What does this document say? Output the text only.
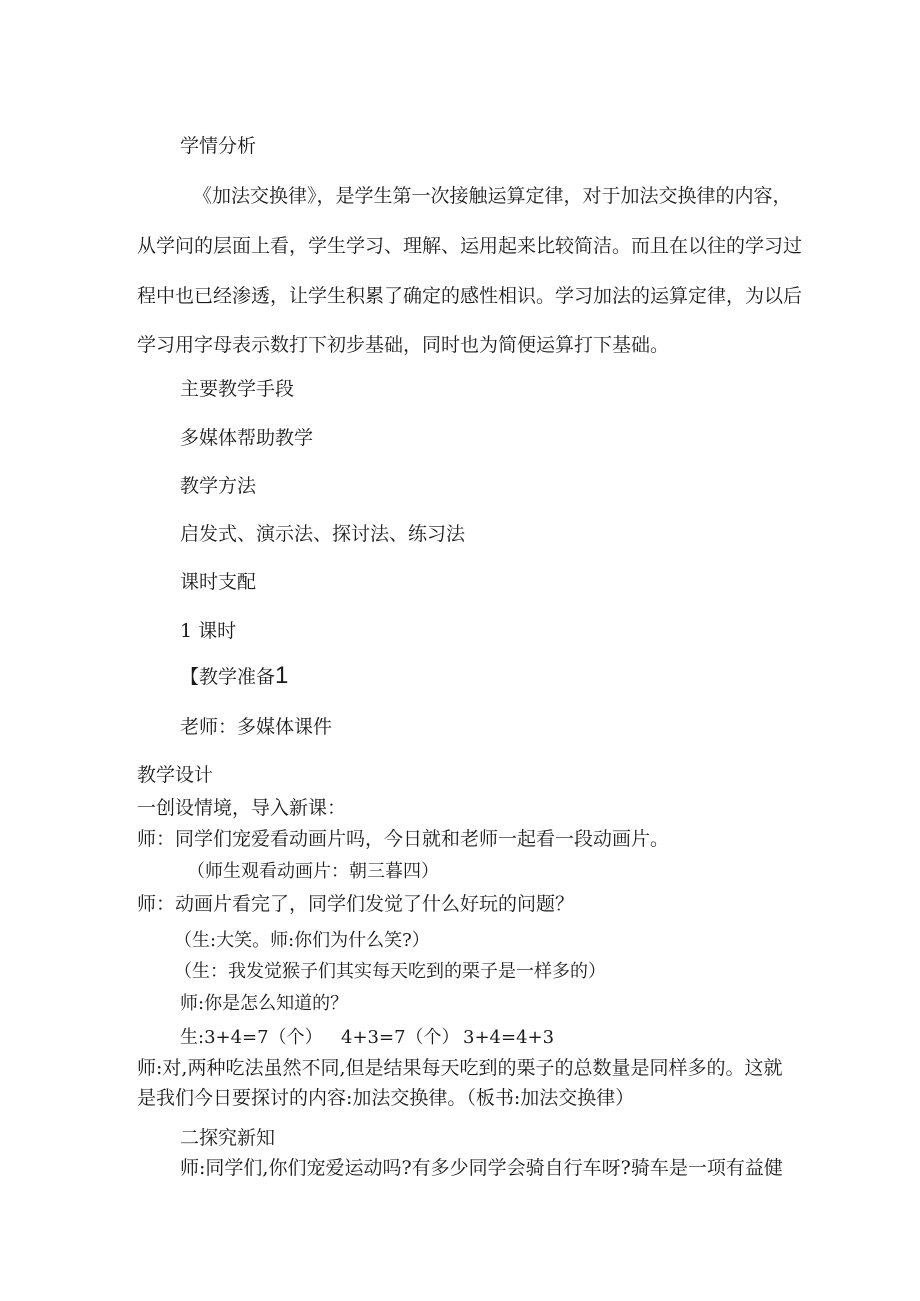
学情分析
《加法交换律》，是学生第一次接触运算定律，对于加法交换律的内容，
从学问的层面上看，学生学习、理解、运用起来比较简洁。而且在以往的学习过
程中也已经渗透，让学生积累了确定的感性相识。学习加法的运算定律，为以后
学习用字母表示数打下初步基础，同时也为简便运算打下基础。
主要教学手段
多媒体帮助教学
教学方法
启发式、演示法、探讨法、练习法
课时支配
1 课时
【教学准备1
老师：多媒体课件
教学设计
一创设情境，导入新课：
师：同学们宠爱看动画片吗，今日就和老师一起看一段动画片。
（师生观看动画片：朝三暮四）
师：动画片看完了，同学们发觉了什么好玩的问题？
（生:大笑。师:你们为什么笑?）
（生：我发觉猴子们其实每天吃到的栗子是一样多的）
师:你是怎么知道的？
生:3+4=7（个） 4+3=7（个） 3+4=4+3
师:对,两种吃法虽然不同,但是结果每天吃到的栗子的总数量是同样多的。这就
是我们今日要探讨的内容:加法交换律。（板书:加法交换律）
二探究新知
师:同学们,你们宠爱运动吗?有多少同学会骑自行车呀?骑车是一项有益健
